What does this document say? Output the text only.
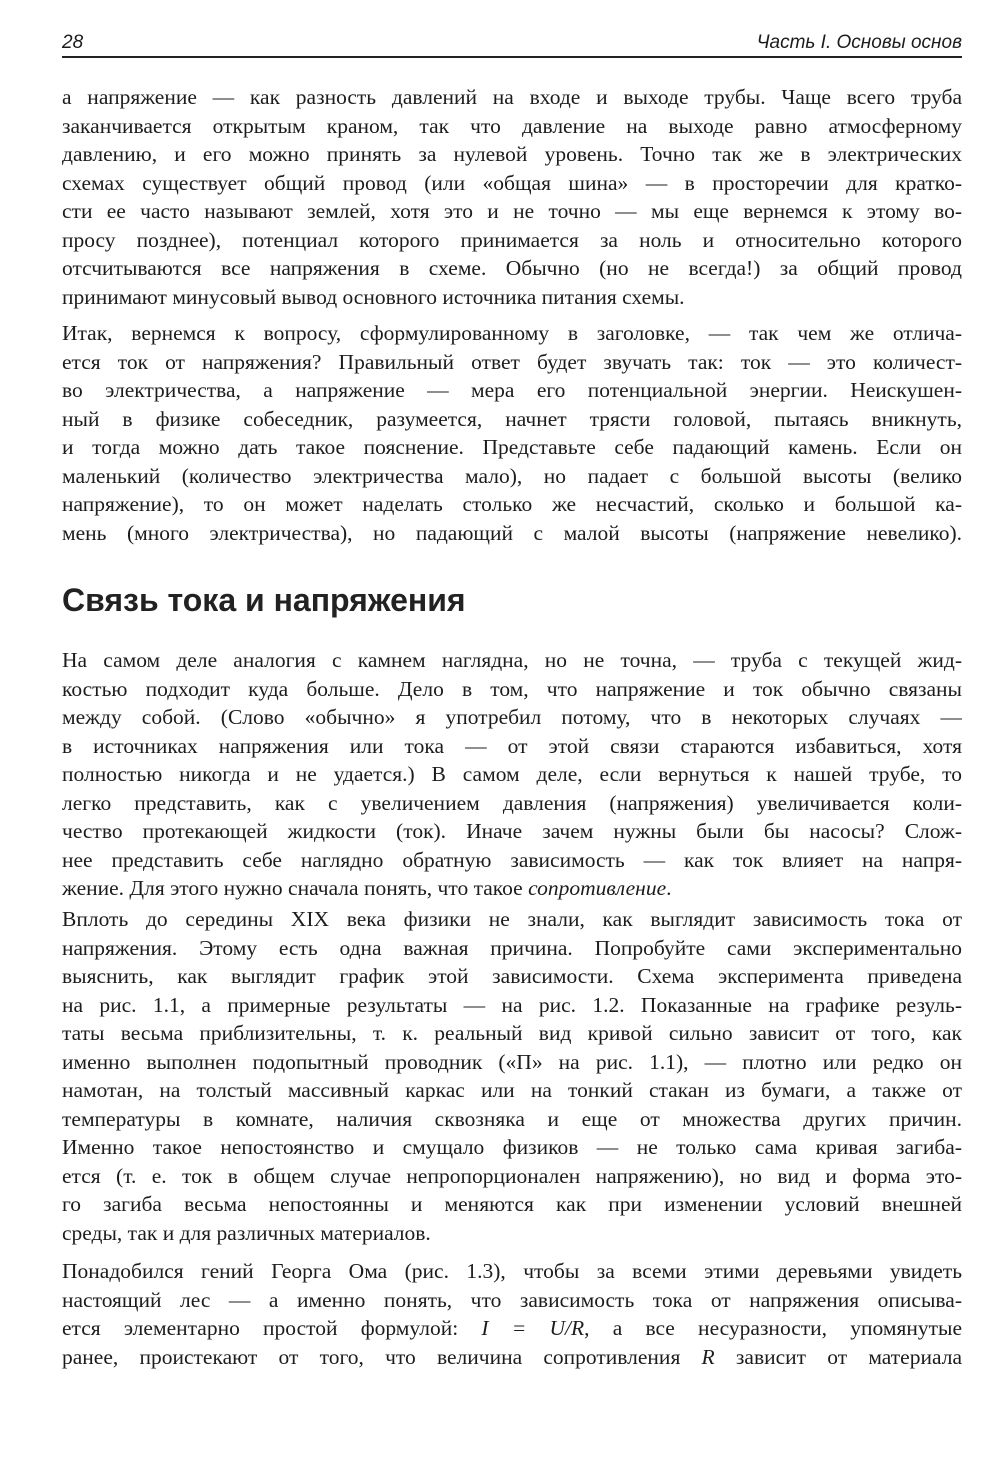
28	Часть I. Основы основ
а напряжение — как разность давлений на входе и выходе трубы. Чаще всего труба
заканчивается открытым краном, так что давление на выходе равно атмосферному
давлению, и его можно принять за нулевой уровень. Точно так же в электрических
схемах существует общий провод (или «общая шина» — в просторечии для кратко-
сти ее часто называют землей, хотя это и не точно — мы еще вернемся к этому во-
просу позднее), потенциал которого принимается за ноль и относительно которого
отсчитываются все напряжения в схеме. Обычно (но не всегда!) за общий провод
принимают минусовый вывод основного источника питания схемы.
Итак, вернемся к вопросу, сформулированному в заголовке, — так чем же отлича-
ется ток от напряжения? Правильный ответ будет звучать так: ток — это количест-
во электричества, а напряжение — мера его потенциальной энергии. Неискушен-
ный в физике собеседник, разумеется, начнет трясти головой, пытаясь вникнуть,
и тогда можно дать такое пояснение. Представьте себе падающий камень. Если он
маленький (количество электричества мало), но падает с большой высоты (велико
напряжение), то он может наделать столько же несчастий, сколько и большой ка-
мень (много электричества), но падающий с малой высоты (напряжение невелико).
Связь тока и напряжения
На самом деле аналогия с камнем наглядна, но не точна, — труба с текущей жид-
костью подходит куда больше. Дело в том, что напряжение и ток обычно связаны
между собой. (Слово «обычно» я употребил потому, что в некоторых случаях —
в источниках напряжения или тока — от этой связи стараются избавиться, хотя
полностью никогда и не удается.) В самом деле, если вернуться к нашей трубе, то
легко представить, как с увеличением давления (напряжения) увеличивается коли-
чество протекающей жидкости (ток). Иначе зачем нужны были бы насосы? Слож-
нее представить себе наглядно обратную зависимость — как ток влияет на напря-
жение. Для этого нужно сначала понять, что такое сопротивление.
Вплоть до середины XIX века физики не знали, как выглядит зависимость тока от
напряжения. Этому есть одна важная причина. Попробуйте сами экспериментально
выяснить, как выглядит график этой зависимости. Схема эксперимента приведена
на рис. 1.1, а примерные результаты — на рис. 1.2. Показанные на графике резуль-
таты весьма приблизительны, т. к. реальный вид кривой сильно зависит от того, как
именно выполнен подопытный проводник («П» на рис. 1.1), — плотно или редко он
намотан, на толстый массивный каркас или на тонкий стакан из бумаги, а также от
температуры в комнате, наличия сквозняка и еще от множества других причин.
Именно такое непостоянство и смущало физиков — не только сама кривая загиба-
ется (т. е. ток в общем случае непропорционален напряжению), но вид и форма это-
го загиба весьма непостоянны и меняются как при изменении условий внешней
среды, так и для различных материалов.
Понадобился гений Георга Ома (рис. 1.3), чтобы за всеми этими деревьями увидеть
настоящий лес — а именно понять, что зависимость тока от напряжения описыва-
ется элементарно простой формулой: I = U/R, а все несуразности, упомянутые
ранее, проистекают от того, что величина сопротивления R зависит от материала
